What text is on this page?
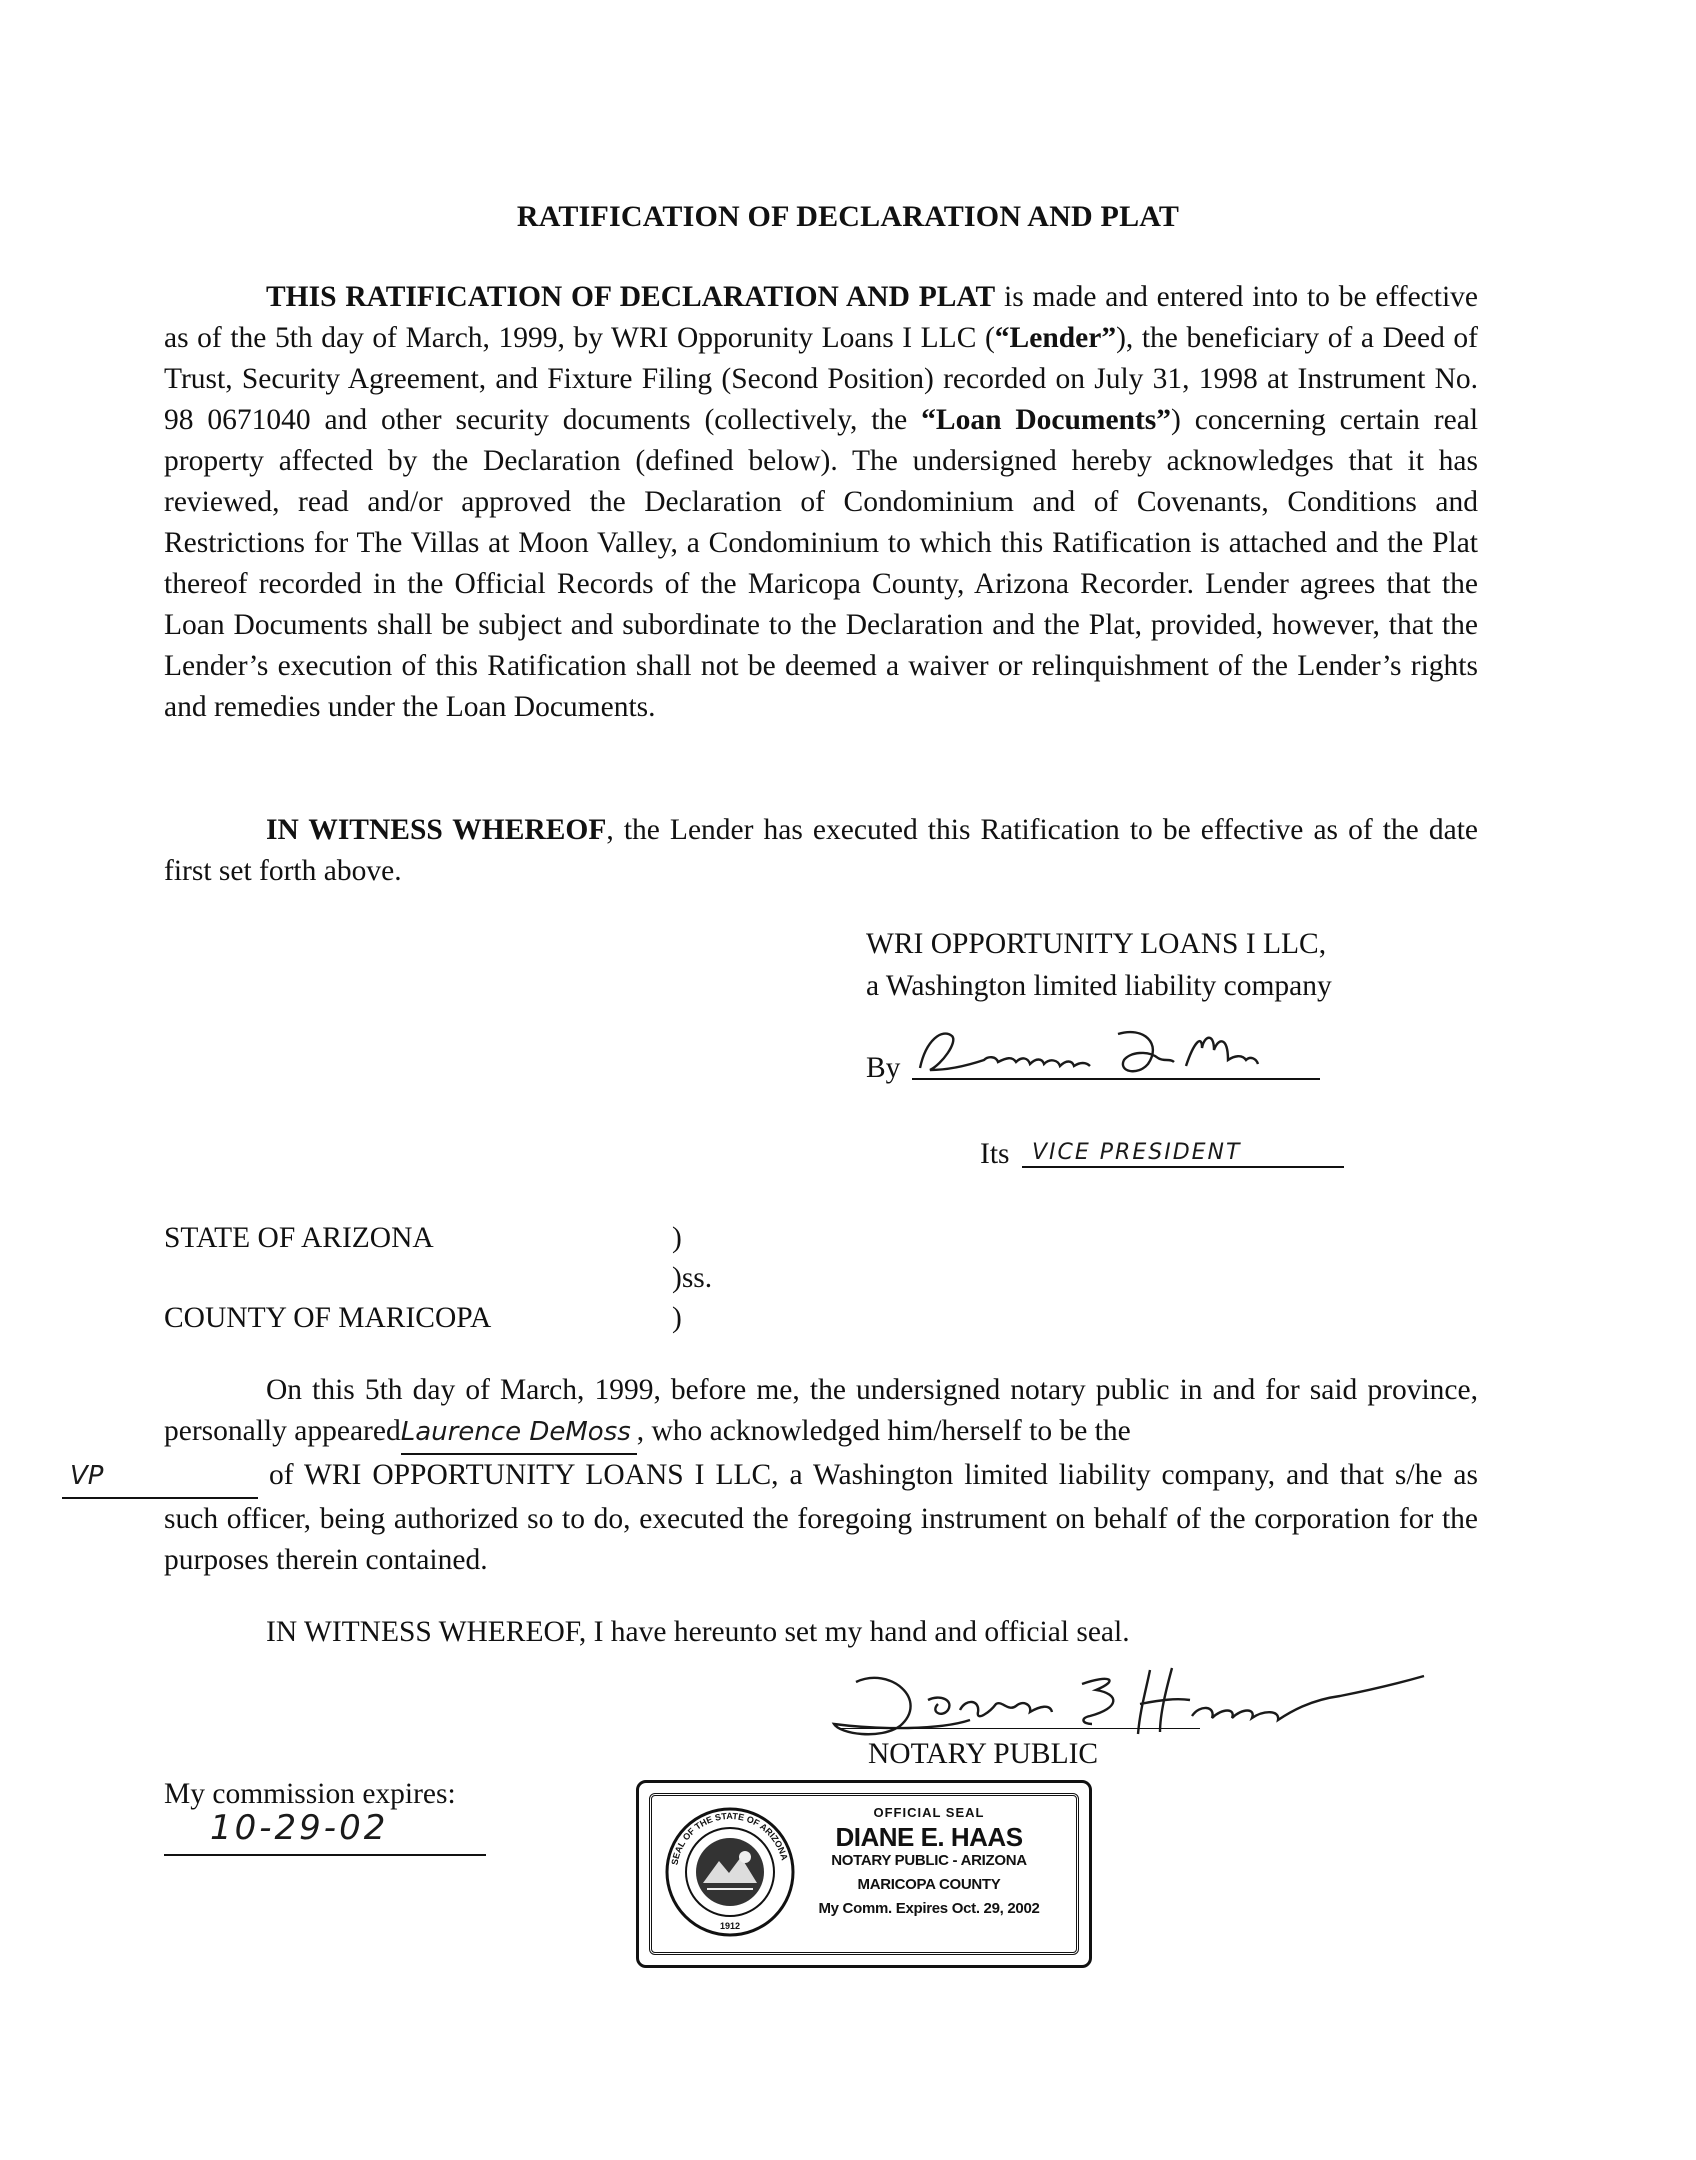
RATIFICATION OF DECLARATION AND PLAT
THIS RATIFICATION OF DECLARATION AND PLAT is made and entered into to be effective as of the 5th day of March, 1999, by WRI Opporunity Loans I LLC (“Lender”), the beneficiary of a Deed of Trust, Security Agreement, and Fixture Filing (Second Position) recorded on July 31, 1998 at Instrument No. 98 0671040 and other security documents (collectively, the “Loan Documents”) concerning certain real property affected by the Declaration (defined below). The undersigned hereby acknowledges that it has reviewed, read and/or approved the Declaration of Condominium and of Covenants, Conditions and Restrictions for The Villas at Moon Valley, a Condominium to which this Ratification is attached and the Plat thereof recorded in the Official Records of the Maricopa County, Arizona Recorder. Lender agrees that the Loan Documents shall be subject and subordinate to the Declaration and the Plat, provided, however, that the Lender’s execution of this Ratification shall not be deemed a waiver or relinquishment of the Lender’s rights and remedies under the Loan Documents.
IN WITNESS WHEREOF, the Lender has executed this Ratification to be effective as of the date first set forth above.
WRI OPPORTUNITY LOANS I LLC,
a Washington limited liability company
By
Its VICE PRESIDENT
STATE OF ARIZONA	)
)ss.
COUNTY OF MARICOPA	)
On this 5th day of March, 1999, before me, the undersigned notary public in and for said province, personally appearedLaurence DeMoss , who acknowledged him/herself to be the
VP	of WRI OPPORTUNITY LOANS I LLC, a Washington limited liability company, and that s/he as such officer, being authorized so to do, executed the foregoing instrument on behalf of the corporation for the purposes therein contained.
IN WITNESS WHEREOF, I have hereunto set my hand and official seal.
NOTARY PUBLIC
My commission expires:
10-29-02
SEAL OF THE STATE OF ARIZONA
1912
OFFICIAL SEAL
DIANE E. HAAS
NOTARY PUBLIC - ARIZONA
MARICOPA COUNTY
My Comm. Expires Oct. 29, 2002
